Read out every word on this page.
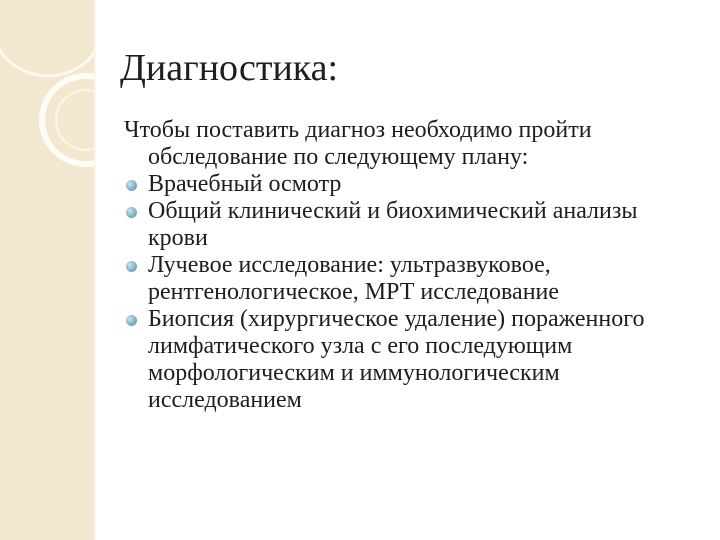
Диагностика:

Чтобы поставить диагноз необходимо пройти обследование по следующему плану:

Врачебный осмотр
Общий клинический и биохимический анализы крови
Лучевое исследование: ультразвуковое, рентгенологическое, МРТ исследование
Биопсия (хирургическое удаление) пораженного лимфатического узла с его последующим морфологическим и иммунологическим исследованием
